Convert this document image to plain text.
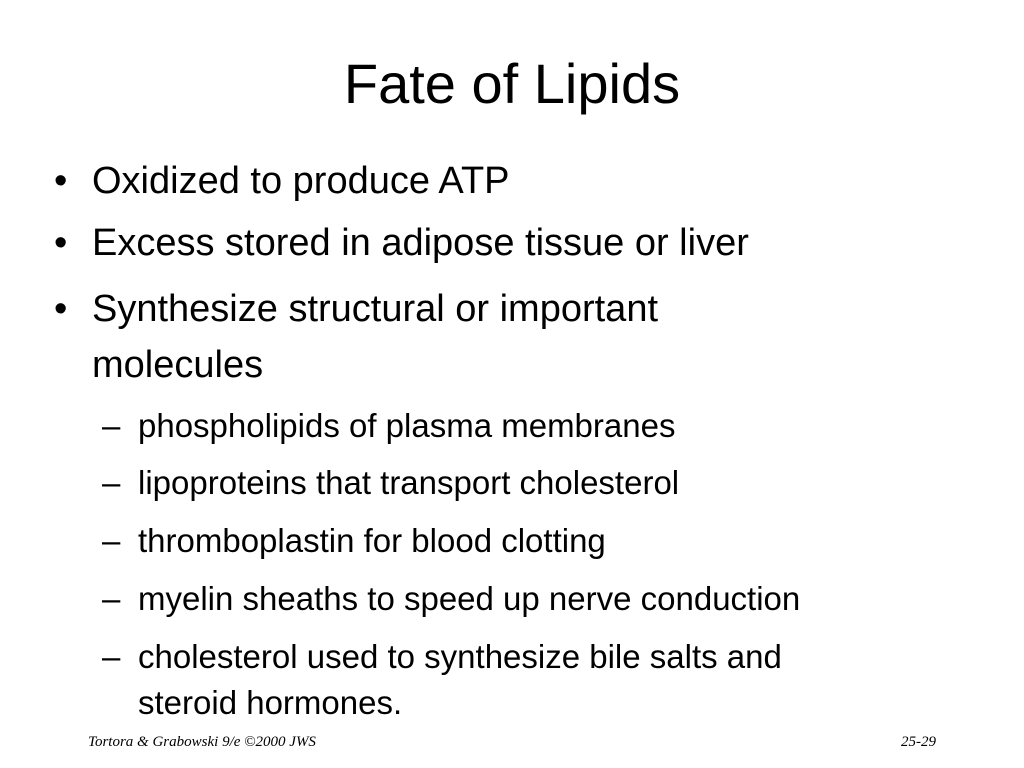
Fate of Lipids
• Oxidized to produce ATP
• Excess stored in adipose tissue or liver
• Synthesize structural or important
molecules
– phospholipids of plasma membranes
– lipoproteins that transport cholesterol
– thromboplastin for blood clotting
– myelin sheaths to speed up nerve conduction
– cholesterol used to synthesize bile salts and
steroid hormones.
Tortora & Grabowski 9/e ©2000 JWS	25-29
